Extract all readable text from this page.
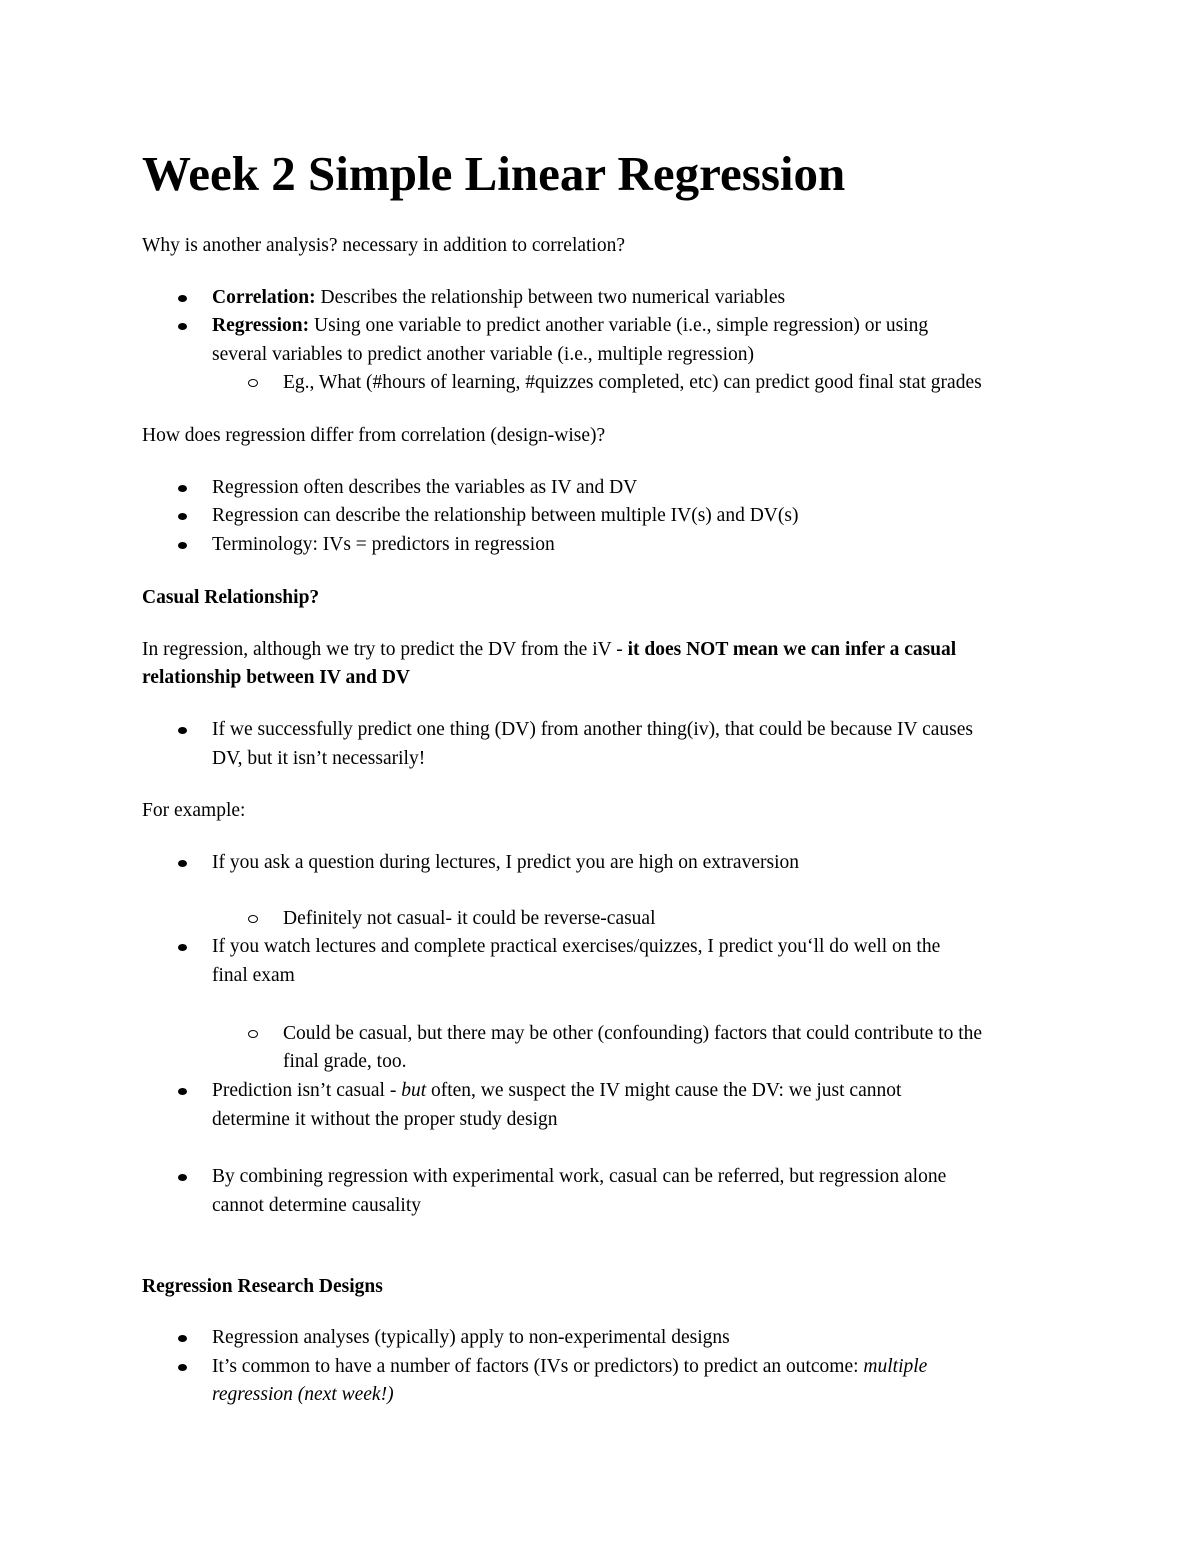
Week 2 Simple Linear Regression
Why is another analysis? necessary in addition to correlation?
Correlation: Describes the relationship between two numerical variables
Regression: Using one variable to predict another variable (i.e., simple regression) or using
several variables to predict another variable (i.e., multiple regression)
Eg., What (#hours of learning, #quizzes completed, etc) can predict good final stat grades
How does regression differ from correlation (design-wise)?
Regression often describes the variables as IV and DV
Regression can describe the relationship between multiple IV(s) and DV(s)
Terminology: IVs = predictors in regression
Casual Relationship?
In regression, although we try to predict the DV from the iV - it does NOT mean we can infer a casual
relationship between IV and DV
If we successfully predict one thing (DV) from another thing(iv), that could be because IV causes
DV, but it isn’t necessarily!
For example:
If you ask a question during lectures, I predict you are high on extraversion
Definitely not casual- it could be reverse-casual
If you watch lectures and complete practical exercises/quizzes, I predict you‘ll do well on the
final exam
Could be casual, but there may be other (confounding) factors that could contribute to the
final grade, too.
Prediction isn’t casual - but often, we suspect the IV might cause the DV: we just cannot
determine it without the proper study design
By combining regression with experimental work, casual can be referred, but regression alone
cannot determine causality
Regression Research Designs
Regression analyses (typically) apply to non-experimental designs
It’s common to have a number of factors (IVs or predictors) to predict an outcome: multiple
regression (next week!)
